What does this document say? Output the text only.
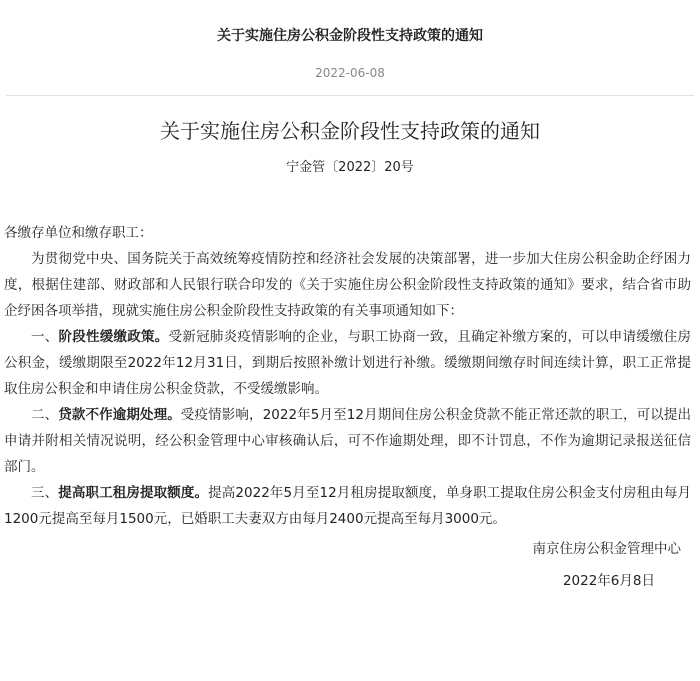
关于实施住房公积金阶段性支持政策的通知
2022-06-08
关于实施住房公积金阶段性支持政策的通知
宁金管〔2022〕20号

各缴存单位和缴存职工：

为贯彻党中央、国务院关于高效统筹疫情防控和经济社会发展的决策部署，进一步加大住房公积金助企纾困力度，根据住建部、财政部和人民银行联合印发的《关于实施住房公积金阶段性支持政策的通知》要求，结合省市助企纾困各项举措，现就实施住房公积金阶段性支持政策的有关事项通知如下：

一、阶段性缓缴政策。受新冠肺炎疫情影响的企业，与职工协商一致，且确定补缴方案的，可以申请缓缴住房公积金，缓缴期限至2022年12月31日，到期后按照补缴计划进行补缴。缓缴期间缴存时间连续计算，职工正常提取住房公积金和申请住房公积金贷款，不受缓缴影响。

二、贷款不作逾期处理。受疫情影响，2022年5月至12月期间住房公积金贷款不能正常还款的职工，可以提出申请并附相关情况说明，经公积金管理中心审核确认后，可不作逾期处理，即不计罚息，不作为逾期记录报送征信部门。

三、提高职工租房提取额度。提高2022年5月至12月租房提取额度，单身职工提取住房公积金支付房租由每月1200元提高至每月1500元，已婚职工夫妻双方由每月2400元提高至每月3000元。

南京住房公积金管理中心

2022年6月8日
